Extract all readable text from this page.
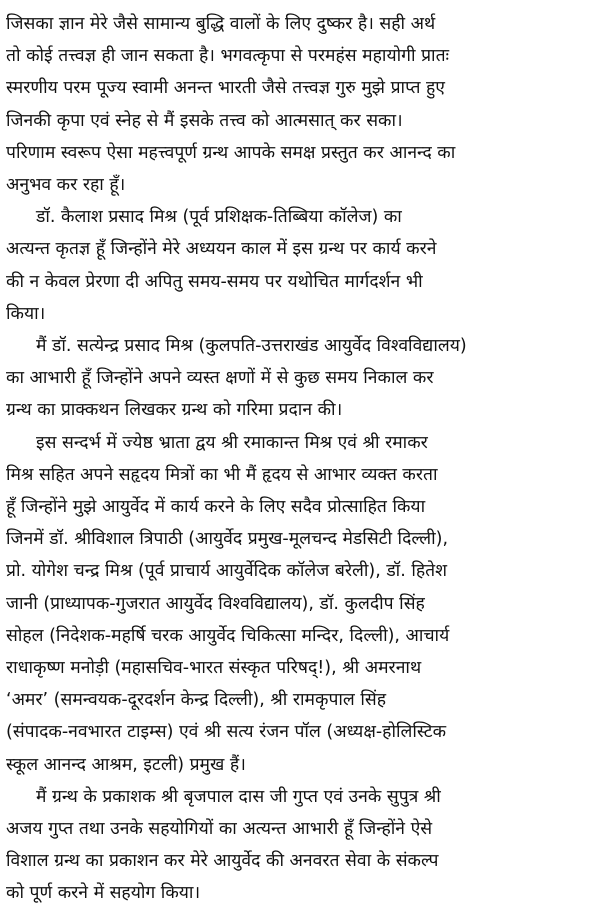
जिसका ज्ञान मेरे जैसे सामान्य बुद्धि वालों के लिए दुष्कर है। सही अर्थ
तो कोई तत्त्वज्ञ ही जान सकता है। भगवत्कृपा से परमहंस महायोगी प्रातः
स्मरणीय परम पूज्य स्वामी अनन्त भारती जैसे तत्त्वज्ञ गुरु मुझे प्राप्त हुए
जिनकी कृपा एवं स्नेह से मैं इसके तत्त्व को आत्मसात् कर सका।
परिणाम स्वरूप ऐसा महत्त्वपूर्ण ग्रन्थ आपके समक्ष प्रस्तुत कर आनन्द का
अनुभव कर रहा हूँ।
डॉ. कैलाश प्रसाद मिश्र (पूर्व प्रशिक्षक-तिब्बिया कॉलेज) का
अत्यन्त कृतज्ञ हूँ जिन्होंने मेरे अध्ययन काल में इस ग्रन्थ पर कार्य करने
की न केवल प्रेरणा दी अपितु समय-समय पर यथोचित मार्गदर्शन भी
किया।
मैं डॉ. सत्येन्द्र प्रसाद मिश्र (कुलपति-उत्तराखंड आयुर्वेद विश्वविद्यालय)
का आभारी हूँ जिन्होंने अपने व्यस्त क्षणों में से कुछ समय निकाल कर
ग्रन्थ का प्राक्कथन लिखकर ग्रन्थ को गरिमा प्रदान की।
इस सन्दर्भ में ज्येष्ठ भ्राता द्वय श्री रमाकान्त मिश्र एवं श्री रमाकर
मिश्र सहित अपने सहृदय मित्रों का भी मैं हृदय से आभार व्यक्त करता
हूँ जिन्होंने मुझे आयुर्वेद में कार्य करने के लिए सदैव प्रोत्साहित किया
जिनमें डॉ. श्रीविशाल त्रिपाठी (आयुर्वेद प्रमुख-मूलचन्द मेडसिटी दिल्ली),
प्रो. योगेश चन्द्र मिश्र (पूर्व प्राचार्य आयुर्वेदिक कॉलेज बरेली), डॉ. हितेश
जानी (प्राध्यापक-गुजरात आयुर्वेद विश्वविद्यालय), डॉ. कुलदीप सिंह
सोहल (निदेशक-महर्षि चरक आयुर्वेद चिकित्सा मन्दिर, दिल्ली), आचार्य
राधाकृष्ण मनोड़ी (महासचिव-भारत संस्कृत परिषद्!), श्री अमरनाथ
‘अमर’ (समन्वयक-दूरदर्शन केन्द्र दिल्ली), श्री रामकृपाल सिंह
(संपादक-नवभारत टाइम्स) एवं श्री सत्य रंजन पॉल (अध्यक्ष-होलिस्टिक
स्कूल आनन्द आश्रम, इटली) प्रमुख हैं।
मैं ग्रन्थ के प्रकाशक श्री बृजपाल दास जी गुप्त एवं उनके सुपुत्र श्री
अजय गुप्त तथा उनके सहयोगियों का अत्यन्त आभारी हूँ जिन्होंने ऐसे
विशाल ग्रन्थ का प्रकाशन कर मेरे आयुर्वेद की अनवरत सेवा के संकल्प
को पूर्ण करने में सहयोग किया।
